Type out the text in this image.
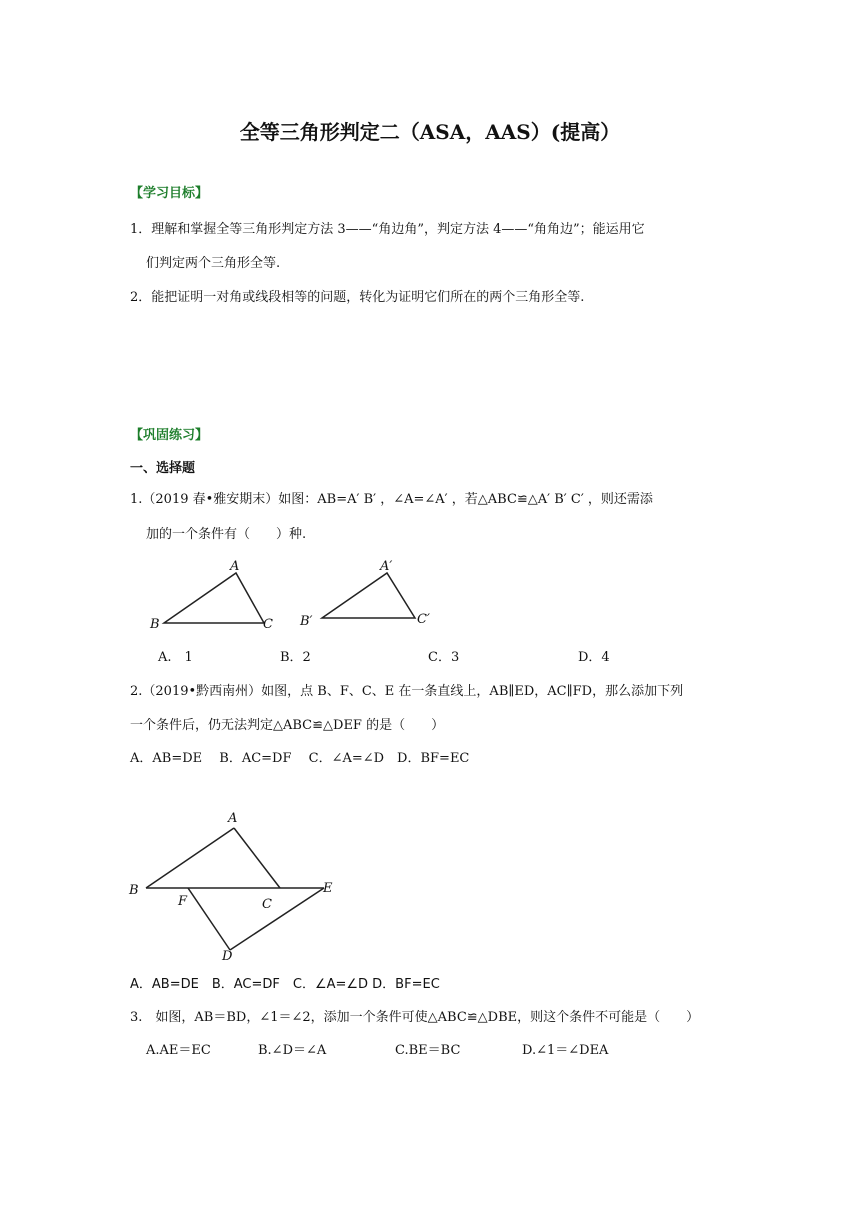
全等三角形判定二（ASA，AAS）(提高）
【学习目标】
1．理解和掌握全等三角形判定方法 3——“角边角”，判定方法 4——“角角边”；能运用它
们判定两个三角形全等.
2．能把证明一对角或线段相等的问题，转化为证明它们所在的两个三角形全等.
【巩固练习】
一、选择题
1.（2019 春•雅安期末）如图：AB=A′ B′ ，∠A=∠A′ ，若△ABC≌△A′ B′ C′ ，则还需添
加的一个条件有（　　）种.
A
B	C
A′
B′	C′
A.　1	B．2	C．3	D．4
2.（2019•黔西南州）如图，点 B、F、C、E 在一条直线上，AB∥ED，AC∥FD，那么添加下列
一个条件后，仍无法判定△ABC≌△DEF 的是（　　）
A．AB=DE　 B．AC=DF　 C．∠A=∠D　D．BF=EC
A
B
F	C
E
D
A．AB=DE　B．AC=DF　C．∠A=∠D D．BF=EC
3.　如图，AB＝BD，∠1＝∠2，添加一个条件可使△ABC≌△DBE，则这个条件不可能是（　　）
A.AE＝EC	B.∠D＝∠A	C.BE＝BC	D.∠1＝∠DEA
